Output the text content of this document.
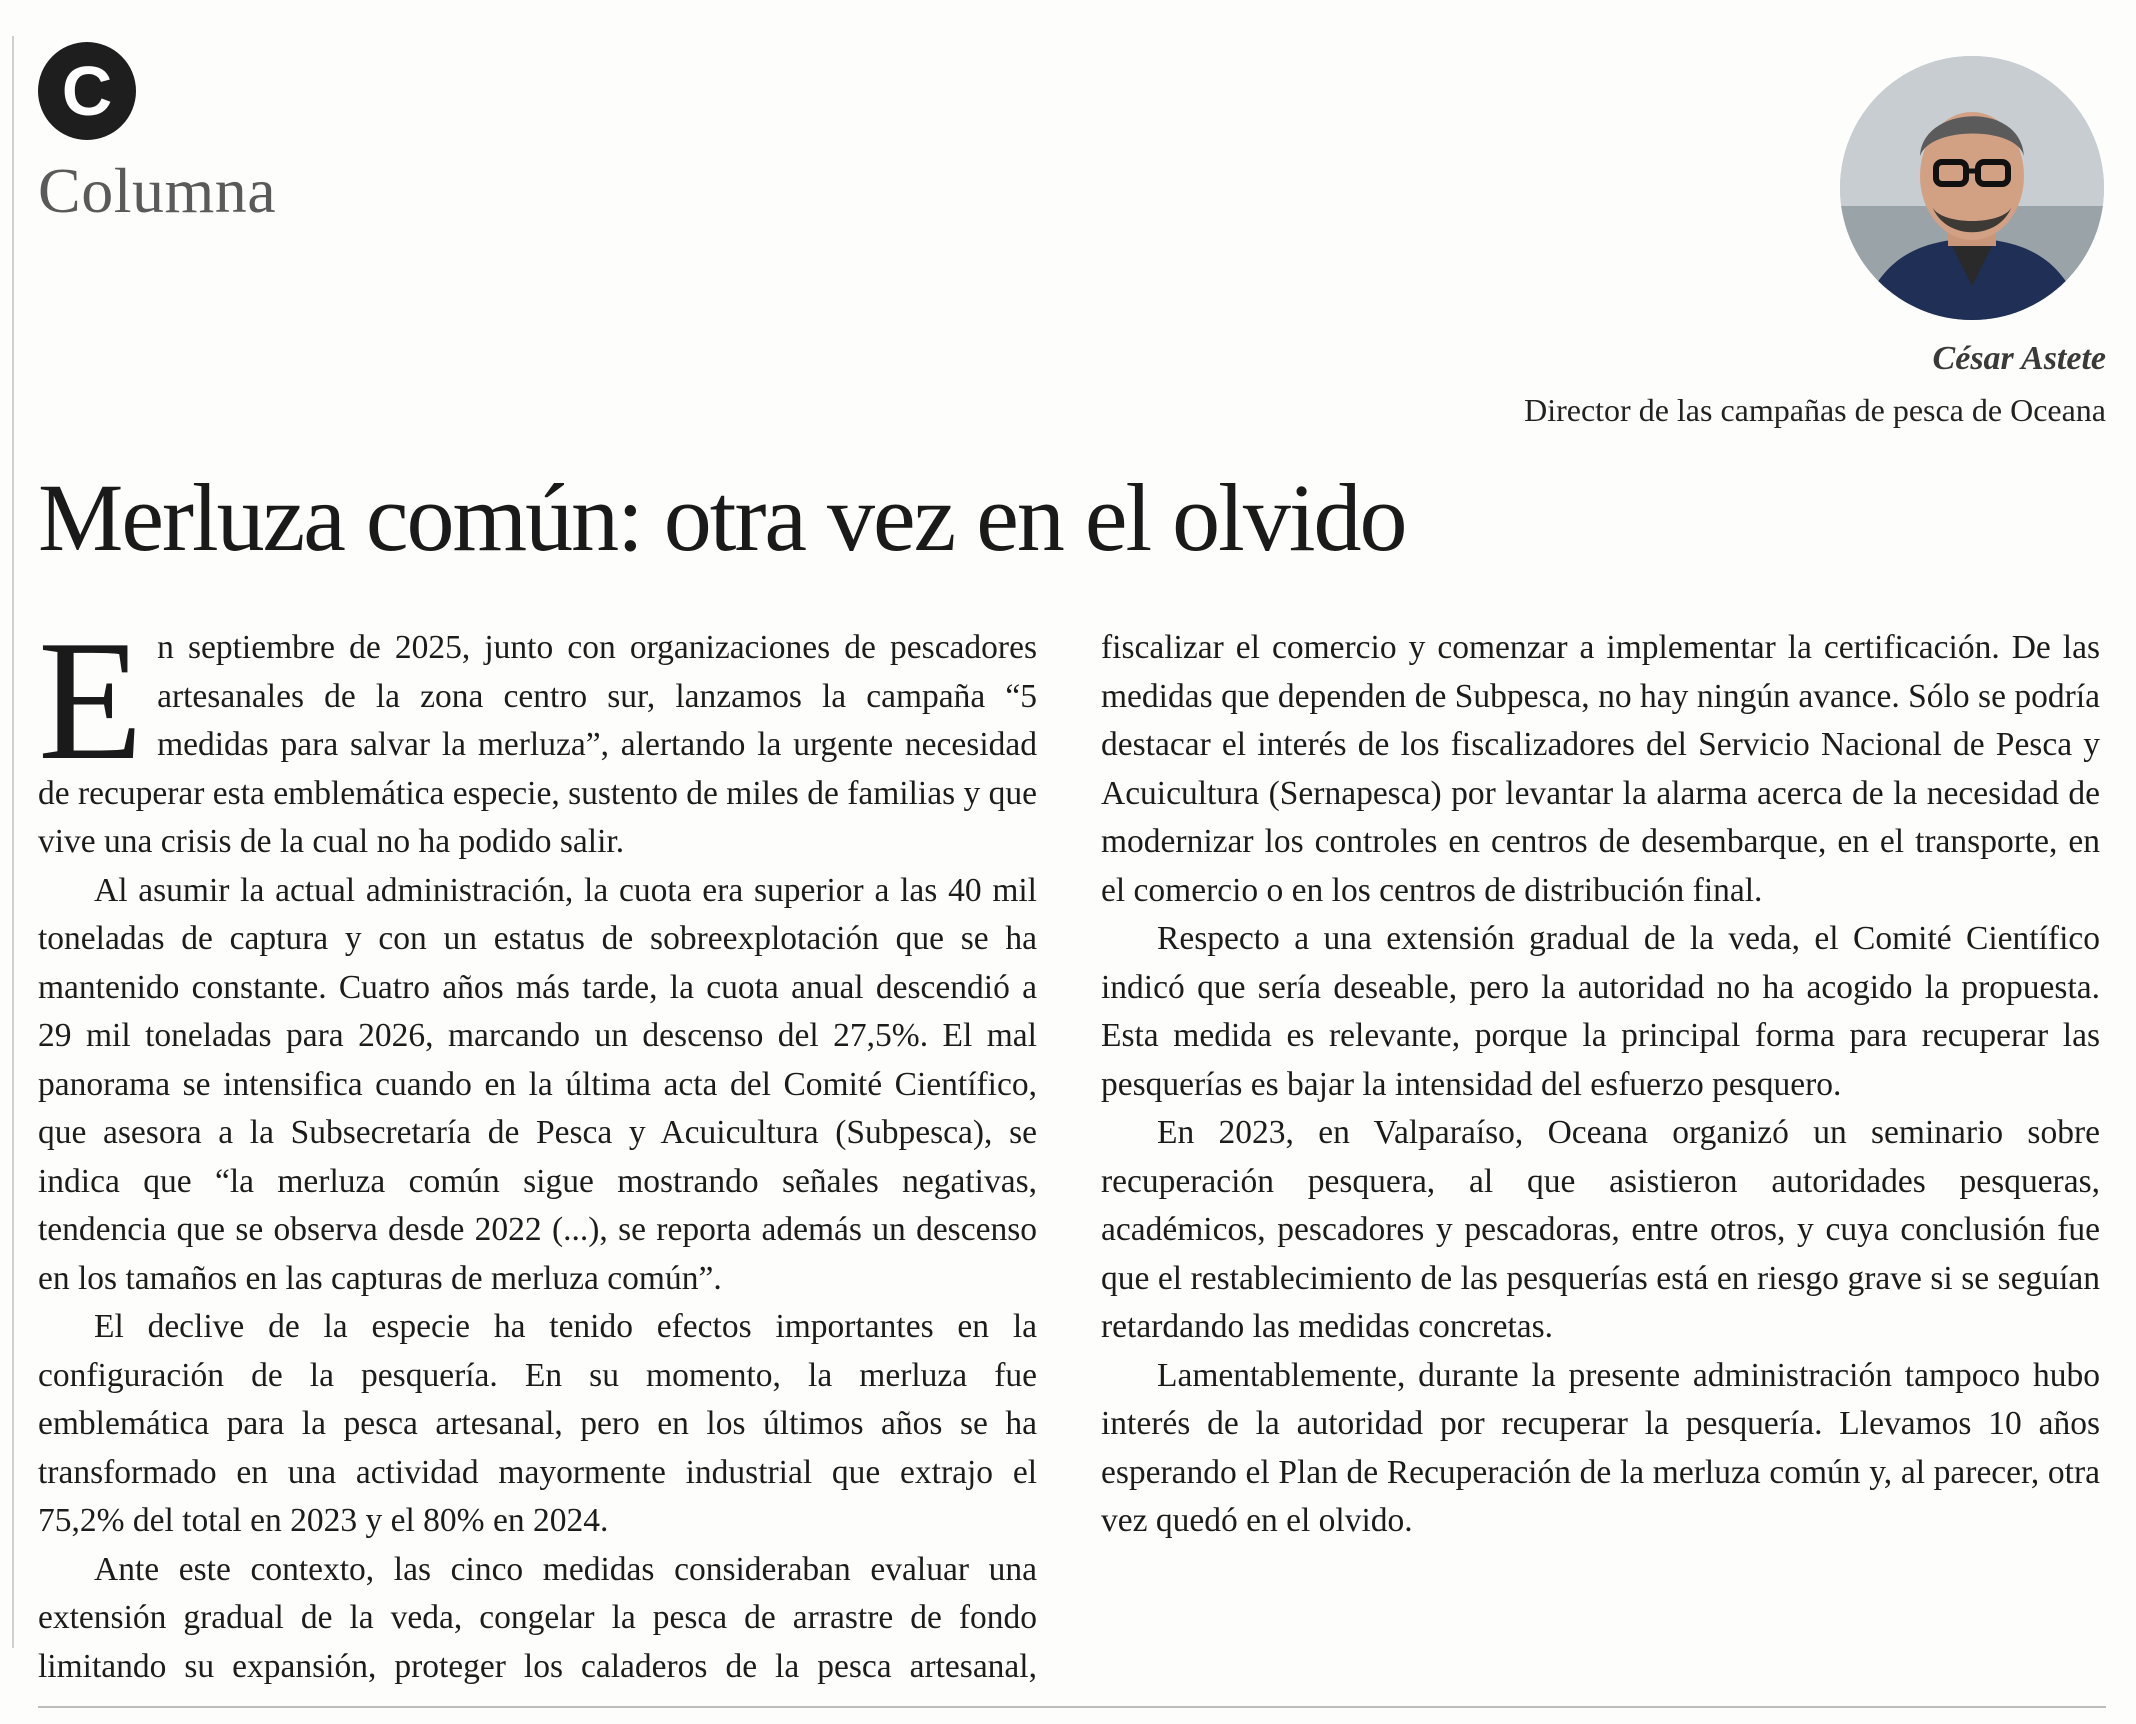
C
Columna
César Astete
Director de las campañas de pesca de Oceana
Merluza común: otra vez en el olvido

En septiembre de 2025, junto con organizaciones de pescadores artesanales de la zona centro sur, lanzamos la campaña “5 medidas para salvar la merluza”, alertando la urgente necesidad de recuperar esta emblemática especie, sustento de miles de familias y que vive una crisis de la cual no ha podido salir.

Al asumir la actual administración, la cuota era superior a las 40 mil toneladas de captura y con un estatus de sobreexplotación que se ha mantenido constante. Cuatro años más tarde, la cuota anual descendió a 29 mil toneladas para 2026, marcando un descenso del 27,5%. El mal panorama se intensifica cuando en la última acta del Comité Científico, que asesora a la Subsecretaría de Pesca y Acuicultura (Subpesca), se indica que “la merluza común sigue mostrando señales negativas, tendencia que se observa desde 2022 (...), se reporta además un descenso en los tamaños en las capturas de merluza común”.

El declive de la especie ha tenido efectos importantes en la configuración de la pesquería. En su momento, la merluza fue emblemática para la pesca artesanal, pero en los últimos años se ha transformado en una actividad mayormente industrial que extrajo el 75,2% del total en 2023 y el 80% en 2024.

Ante este contexto, las cinco medidas consideraban evaluar una extensión gradual de la veda, congelar la pesca de arrastre de fondo limitando su expansión, proteger los caladeros de la pesca artesanal, fiscalizar el comercio y comenzar a implementar la certificación. De las medidas que dependen de Subpesca, no hay ningún avance. Sólo se podría destacar el interés de los fiscalizadores del Servicio Nacional de Pesca y Acuicultura (Sernapesca) por levantar la alarma acerca de la necesidad de modernizar los controles en centros de desembarque, en el transporte, en el comercio o en los centros de distribución final.

Respecto a una extensión gradual de la veda, el Comité Científico indicó que sería deseable, pero la autoridad no ha acogido la propuesta. Esta medida es relevante, porque la principal forma para recuperar las pesquerías es bajar la intensidad del esfuerzo pesquero.

En 2023, en Valparaíso, Oceana organizó un seminario sobre recuperación pesquera, al que asistieron autoridades pesqueras, académicos, pescadores y pescadoras, entre otros, y cuya conclusión fue que el restablecimiento de las pesquerías está en riesgo grave si se seguían retardando las medidas concretas.

Lamentablemente, durante la presente administración tampoco hubo interés de la autoridad por recuperar la pesquería. Llevamos 10 años esperando el Plan de Recuperación de la merluza común y, al parecer, otra vez quedó en el olvido.
